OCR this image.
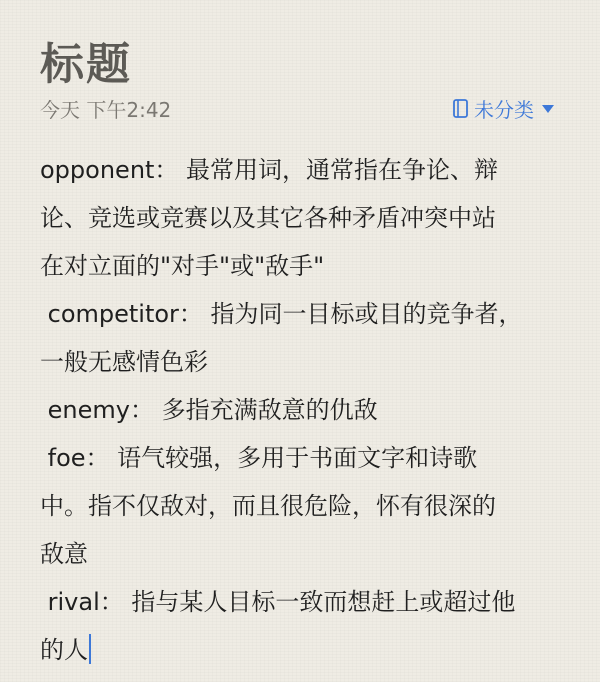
标题
今天 下午2:42	未分类
opponent： 最常用词，通常指在争论、辩
论、竞选或竞赛以及其它各种矛盾冲突中站
在对立面的"对手"或"敌手"
competitor： 指为同一目标或目的竞争者，
一般无感情色彩
enemy： 多指充满敌意的仇敌
foe： 语气较强，多用于书面文字和诗歌
中。指不仅敌对，而且很危险，怀有很深的
敌意
rival： 指与某人目标一致而想赶上或超过他
的人
